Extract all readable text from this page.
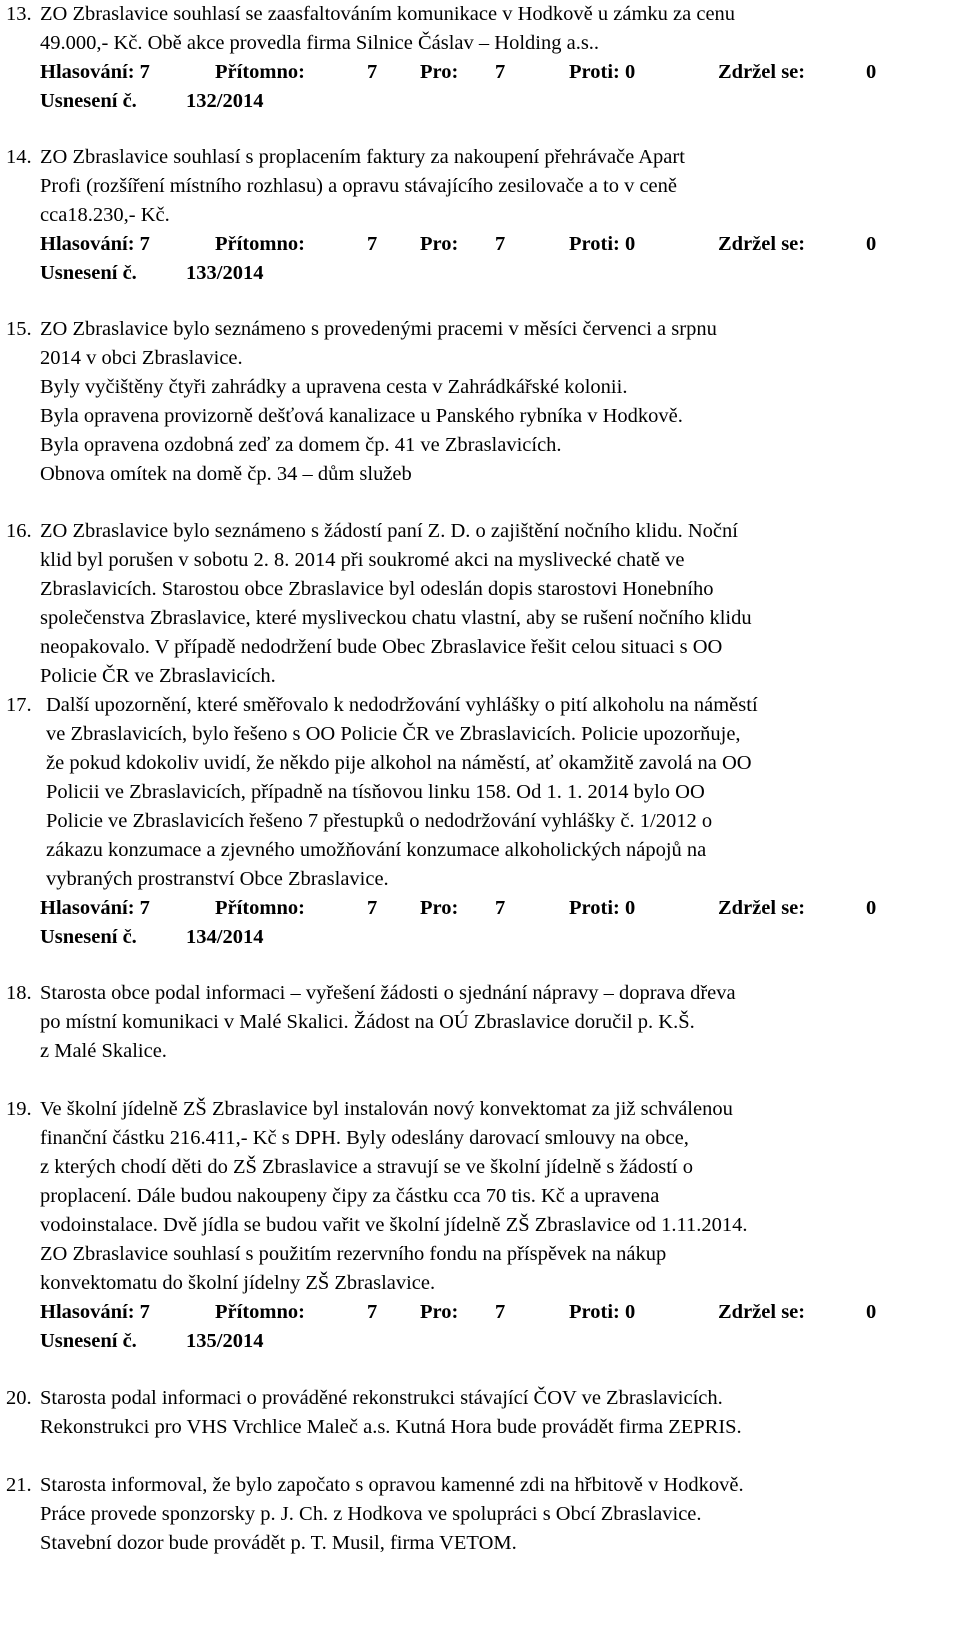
13. ZO Zbraslavice souhlasí se zaasfaltováním komunikace v Hodkově u zámku za cenu
49.000,- Kč. Obě akce provedla firma Silnice Čáslav – Holding a.s..
Hlasování: 7	Přítomno:	7 Pro: 7	Proti: 0	Zdržel se:	0
Usnesení č. 132/2014
14. ZO Zbraslavice souhlasí s proplacením faktury za nakoupení přehrávače Apart
Profi (rozšíření místního rozhlasu) a opravu stávajícího zesilovače a to v ceně
cca18.230,- Kč.
Hlasování: 7	Přítomno:	7 Pro: 7	Proti: 0	Zdržel se:	0
Usnesení č. 133/2014
15. ZO Zbraslavice bylo seznámeno s provedenými pracemi v měsíci červenci a srpnu
2014 v obci Zbraslavice.
Byly vyčištěny čtyři zahrádky a upravena cesta v Zahrádkářské kolonii.
Byla opravena provizorně dešťová kanalizace u Panského rybníka v Hodkově.
Byla opravena ozdobná zeď za domem čp. 41 ve Zbraslavicích.
Obnova omítek na domě čp. 34 – dům služeb
16. ZO Zbraslavice bylo seznámeno s žádostí paní Z. D. o zajištění nočního klidu. Noční
klid byl porušen v sobotu 2. 8. 2014 při soukromé akci na myslivecké chatě ve
Zbraslavicích. Starostou obce Zbraslavice byl odeslán dopis starostovi Honebního
společenstva Zbraslavice, které mysliveckou chatu vlastní, aby se rušení nočního klidu
neopakovalo. V případě nedodržení bude Obec Zbraslavice řešit celou situaci s OO
Policie ČR ve Zbraslavicích.
17. Další upozornění, které směřovalo k nedodržování vyhlášky o pití alkoholu na náměstí
ve Zbraslavicích, bylo řešeno s OO Policie ČR ve Zbraslavicích. Policie upozorňuje,
že pokud kdokoliv uvidí, že někdo pije alkohol na náměstí, ať okamžitě zavolá na OO
Policii ve Zbraslavicích, případně na tísňovou linku 158. Od 1. 1. 2014 bylo OO
Policie ve Zbraslavicích řešeno 7 přestupků o nedodržování vyhlášky č. 1/2012 o
zákazu konzumace a zjevného umožňování konzumace alkoholických nápojů na
vybraných prostranství Obce Zbraslavice.
Hlasování: 7	Přítomno:	7 Pro: 7	Proti: 0	Zdržel se:	0
Usnesení č. 134/2014
18. Starosta obce podal informaci – vyřešení žádosti o sjednání nápravy – doprava dřeva
po místní komunikaci v Malé Skalici. Žádost na OÚ Zbraslavice doručil p. K.Š.
z Malé Skalice.
19. Ve školní jídelně ZŠ Zbraslavice byl instalován nový konvektomat za již schválenou
finanční částku 216.411,- Kč s DPH. Byly odeslány darovací smlouvy na obce,
z kterých chodí děti do ZŠ Zbraslavice a stravují se ve školní jídelně s žádostí o
proplacení. Dále budou nakoupeny čipy za částku cca 70 tis. Kč a upravena
vodoinstalace. Dvě jídla se budou vařit ve školní jídelně ZŠ Zbraslavice od 1.11.2014.
ZO Zbraslavice souhlasí s použitím rezervního fondu na příspěvek na nákup
konvektomatu do školní jídelny ZŠ Zbraslavice.
Hlasování: 7	Přítomno:	7 Pro: 7	Proti: 0	Zdržel se:	0
Usnesení č. 135/2014
20. Starosta podal informaci o prováděné rekonstrukci stávající ČOV ve Zbraslavicích.
Rekonstrukci pro VHS Vrchlice Maleč a.s. Kutná Hora bude provádět firma ZEPRIS.
21. Starosta informoval, že bylo započato s opravou kamenné zdi na hřbitově v Hodkově.
Práce provede sponzorsky p. J. Ch. z Hodkova ve spolupráci s Obcí Zbraslavice.
Stavební dozor bude provádět p. T. Musil, firma VETOM.
